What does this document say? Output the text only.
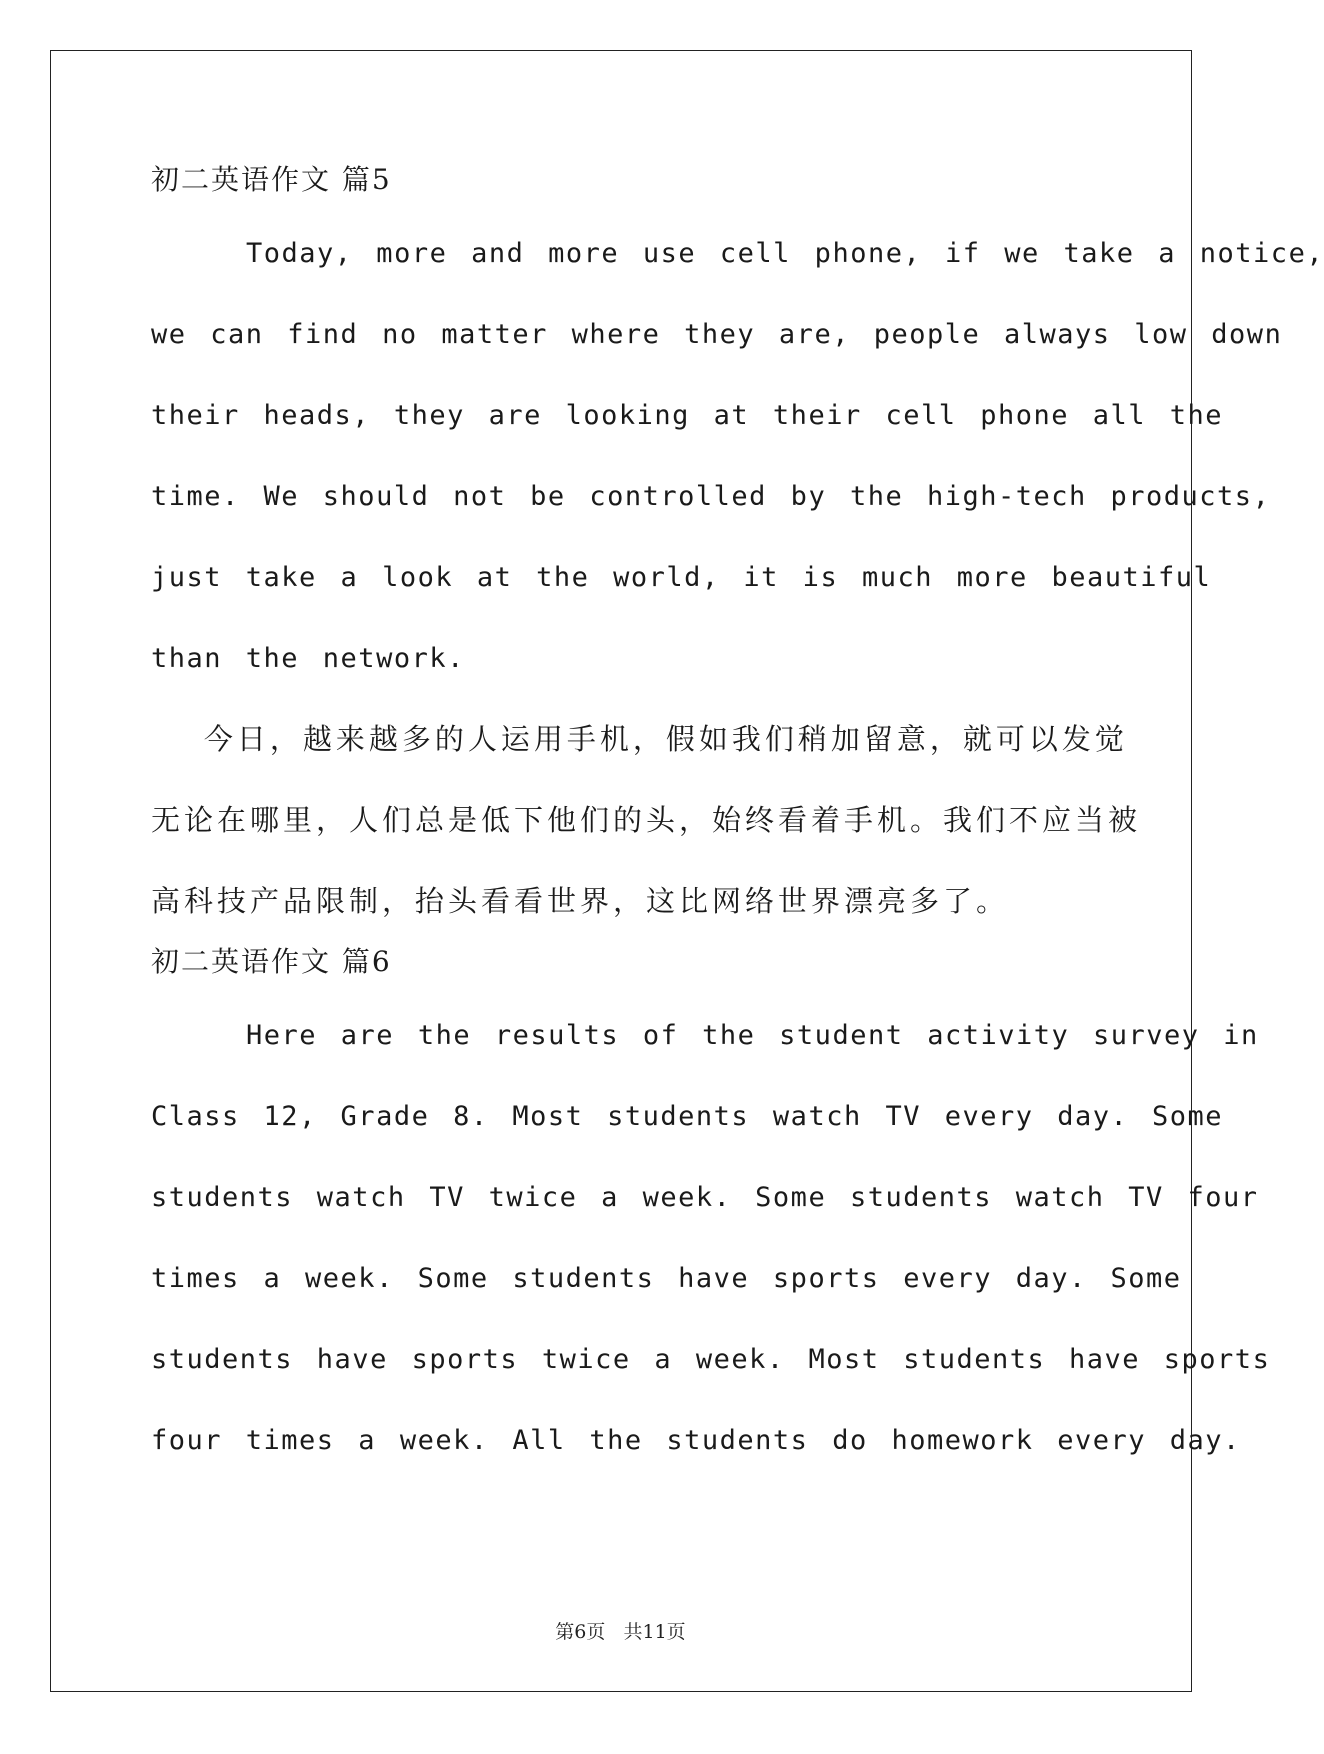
初二英语作文 篇5

Today, more and more use cell phone, if we take a notice,
we can find no matter where they are, people always low down
their heads, they are looking at their cell phone all the
time. We should not be controlled by the high-tech products,
just take a look at the world, it is much more beautiful
than the network.

今日，越来越多的人运用手机，假如我们稍加留意，就可以发觉
无论在哪里，人们总是低下他们的头，始终看着手机。我们不应当被
高科技产品限制，抬头看看世界，这比网络世界漂亮多了。

初二英语作文 篇6

Here are the results of the student activity survey in
Class 12, Grade 8. Most students watch TV every day. Some
students watch TV twice a week. Some students watch TV four
times a week. Some students have sports every day. Some
students have sports twice a week. Most students have sports
four times a week. All the students do homework every day.

第6页   共11页
